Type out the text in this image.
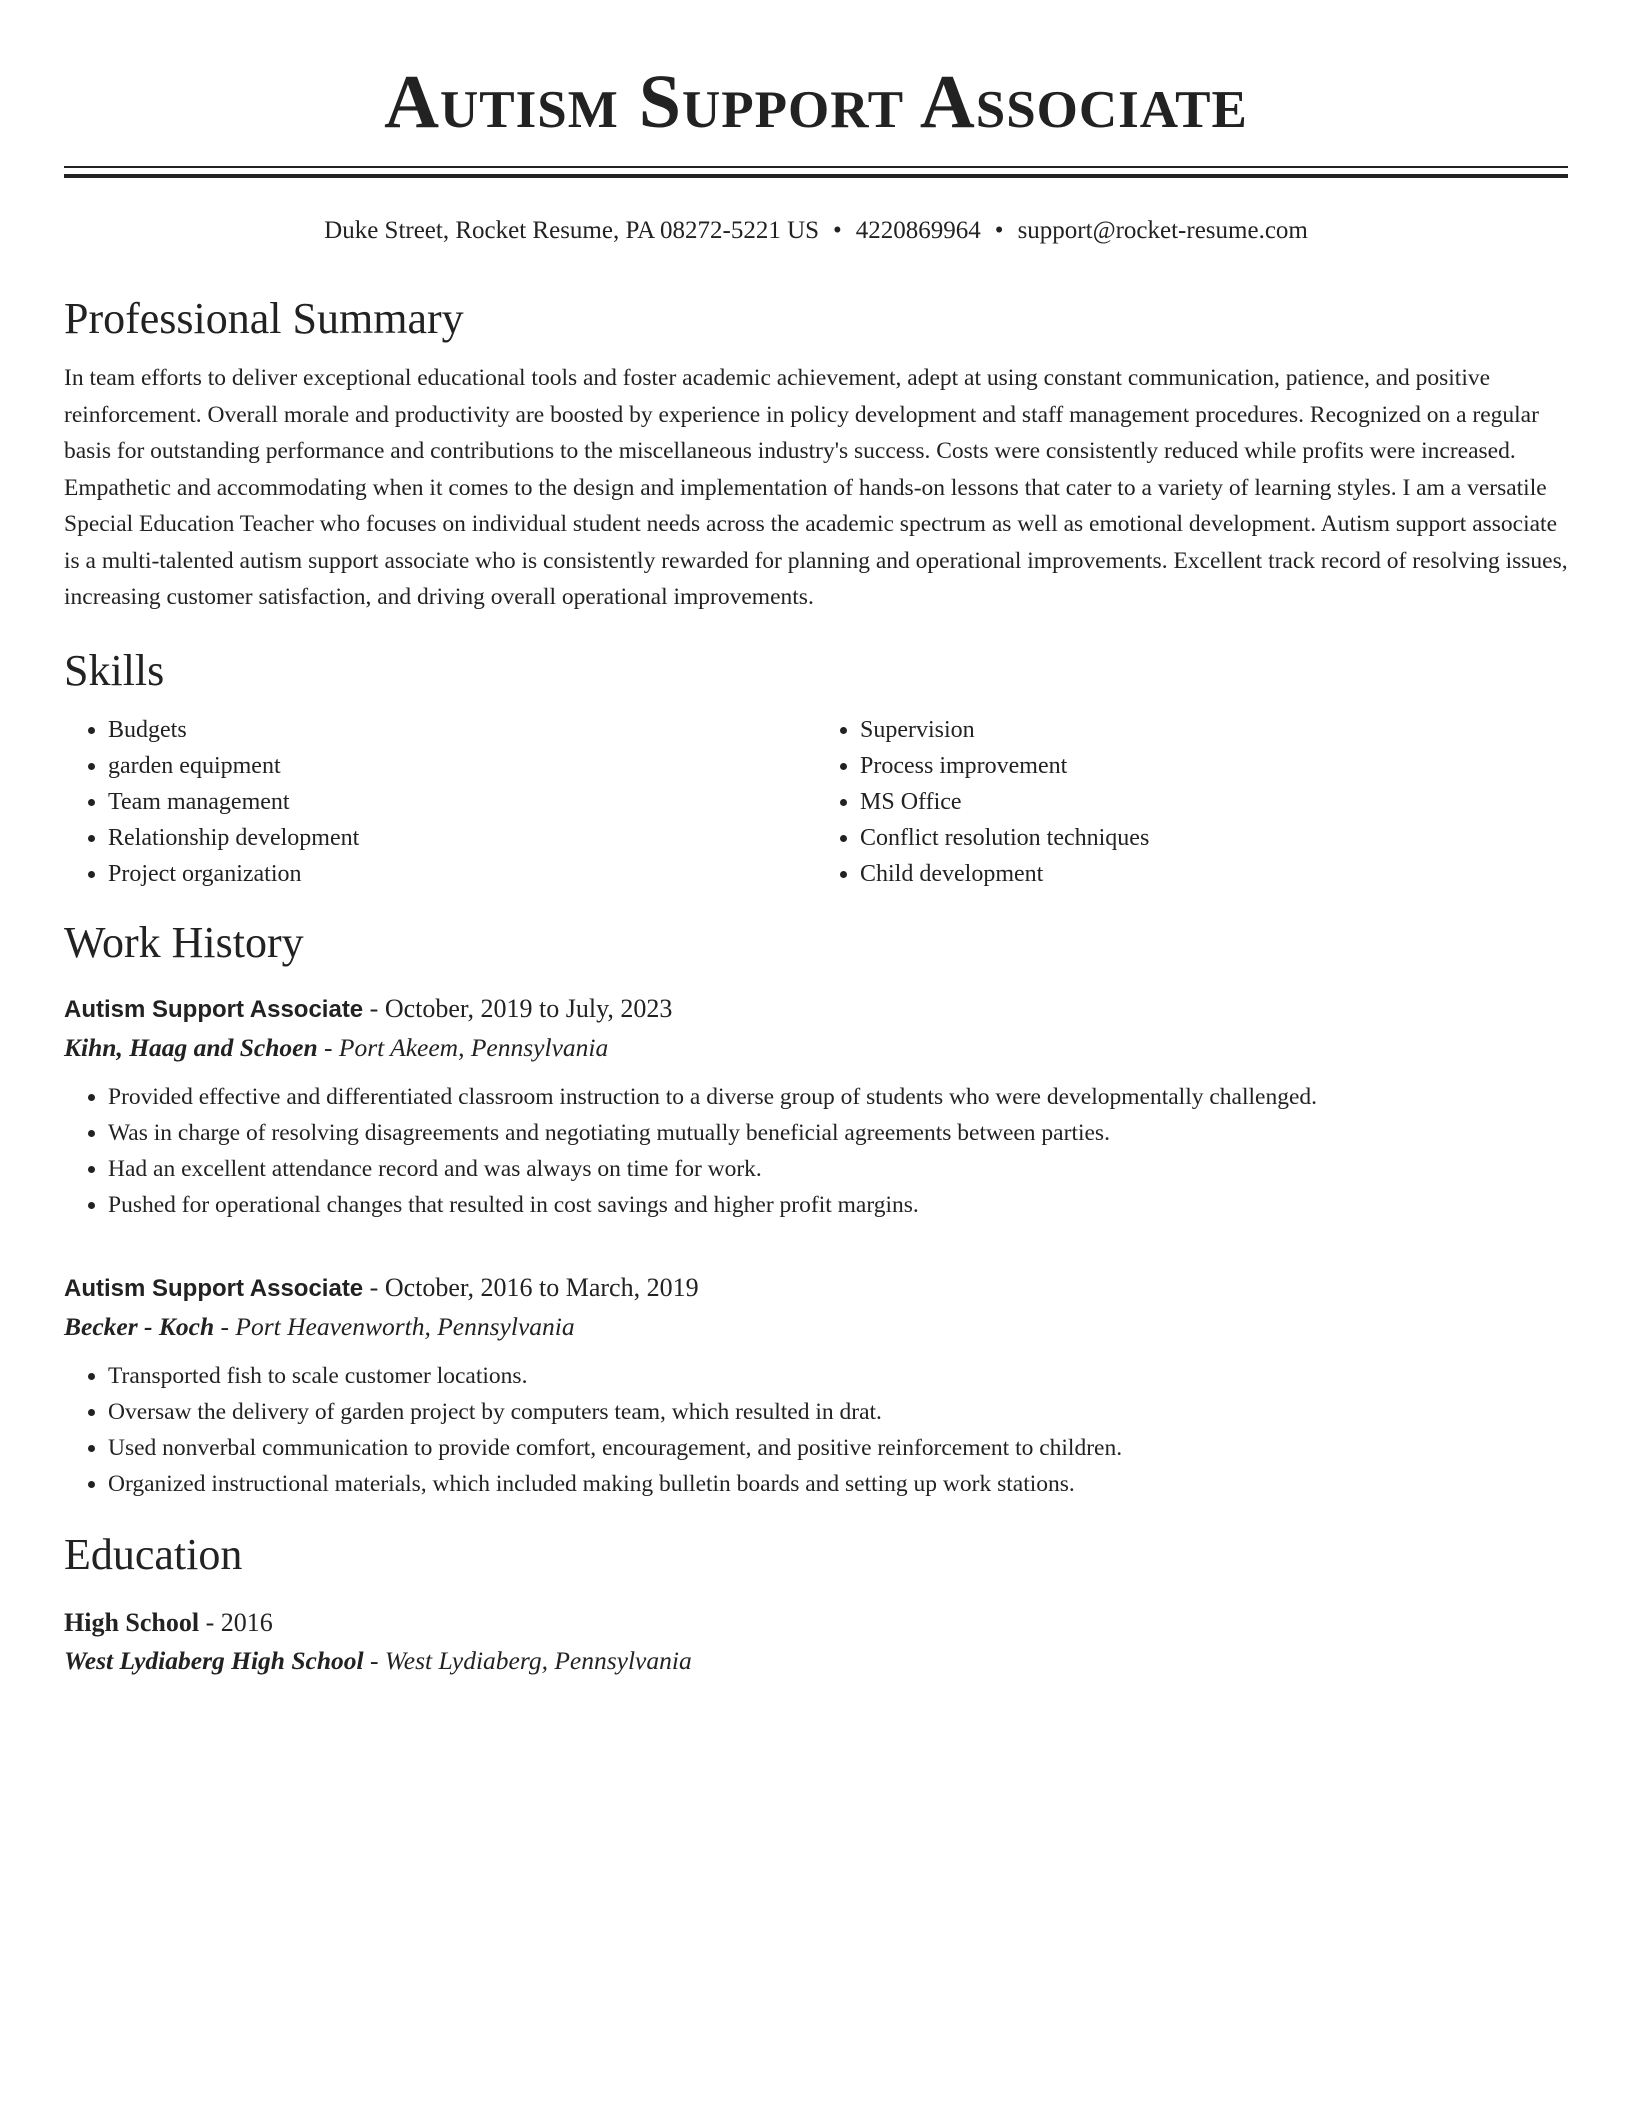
Autism Support Associate
Duke Street, Rocket Resume, PA 08272-5221 US • 4220869964 • support@rocket-resume.com
Professional Summary
In team efforts to deliver exceptional educational tools and foster academic achievement, adept at using constant communication, patience, and positive reinforcement. Overall morale and productivity are boosted by experience in policy development and staff management procedures. Recognized on a regular basis for outstanding performance and contributions to the miscellaneous industry's success. Costs were consistently reduced while profits were increased. Empathetic and accommodating when it comes to the design and implementation of hands-on lessons that cater to a variety of learning styles. I am a versatile Special Education Teacher who focuses on individual student needs across the academic spectrum as well as emotional development. Autism support associate is a multi-talented autism support associate who is consistently rewarded for planning and operational improvements. Excellent track record of resolving issues, increasing customer satisfaction, and driving overall operational improvements.
Skills
• Budgets
• garden equipment
• Team management
• Relationship development
• Project organization
• Supervision
• Process improvement
• MS Office
• Conflict resolution techniques
• Child development
Work History
Autism Support Associate - October, 2019 to July, 2023
Kihn, Haag and Schoen - Port Akeem, Pennsylvania
• Provided effective and differentiated classroom instruction to a diverse group of students who were developmentally challenged.
• Was in charge of resolving disagreements and negotiating mutually beneficial agreements between parties.
• Had an excellent attendance record and was always on time for work.
• Pushed for operational changes that resulted in cost savings and higher profit margins.
Autism Support Associate - October, 2016 to March, 2019
Becker - Koch - Port Heavenworth, Pennsylvania
• Transported fish to scale customer locations.
• Oversaw the delivery of garden project by computers team, which resulted in drat.
• Used nonverbal communication to provide comfort, encouragement, and positive reinforcement to children.
• Organized instructional materials, which included making bulletin boards and setting up work stations.
Education
High School - 2016
West Lydiaberg High School - West Lydiaberg, Pennsylvania
